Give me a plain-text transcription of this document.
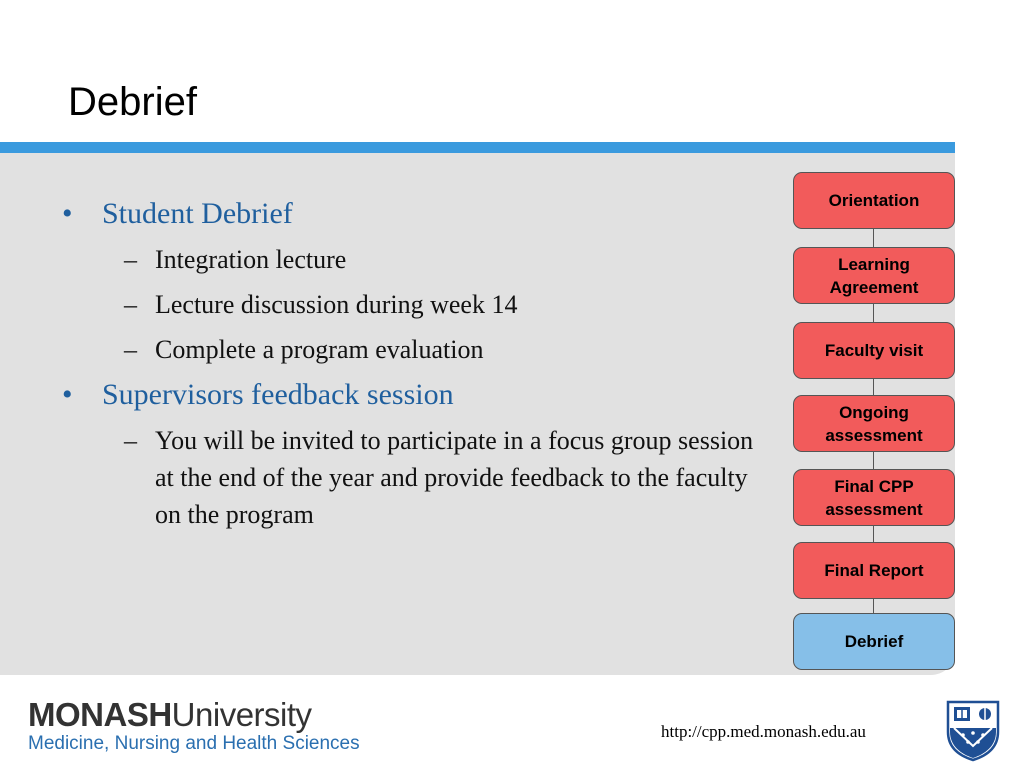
Debrief
• Student Debrief
– Integration lecture
– Lecture discussion during week 14
– Complete a program evaluation
• Supervisors feedback session
– You will be invited to participate in a focus group session at the end of the year and provide feedback to the faculty on the program
Orientation
Learning
Agreement
Faculty visit
Ongoing
assessment
Final CPP
assessment
Final Report
Debrief
MONASHUniversity
Medicine, Nursing and Health Sciences
http://cpp.med.monash.edu.au
